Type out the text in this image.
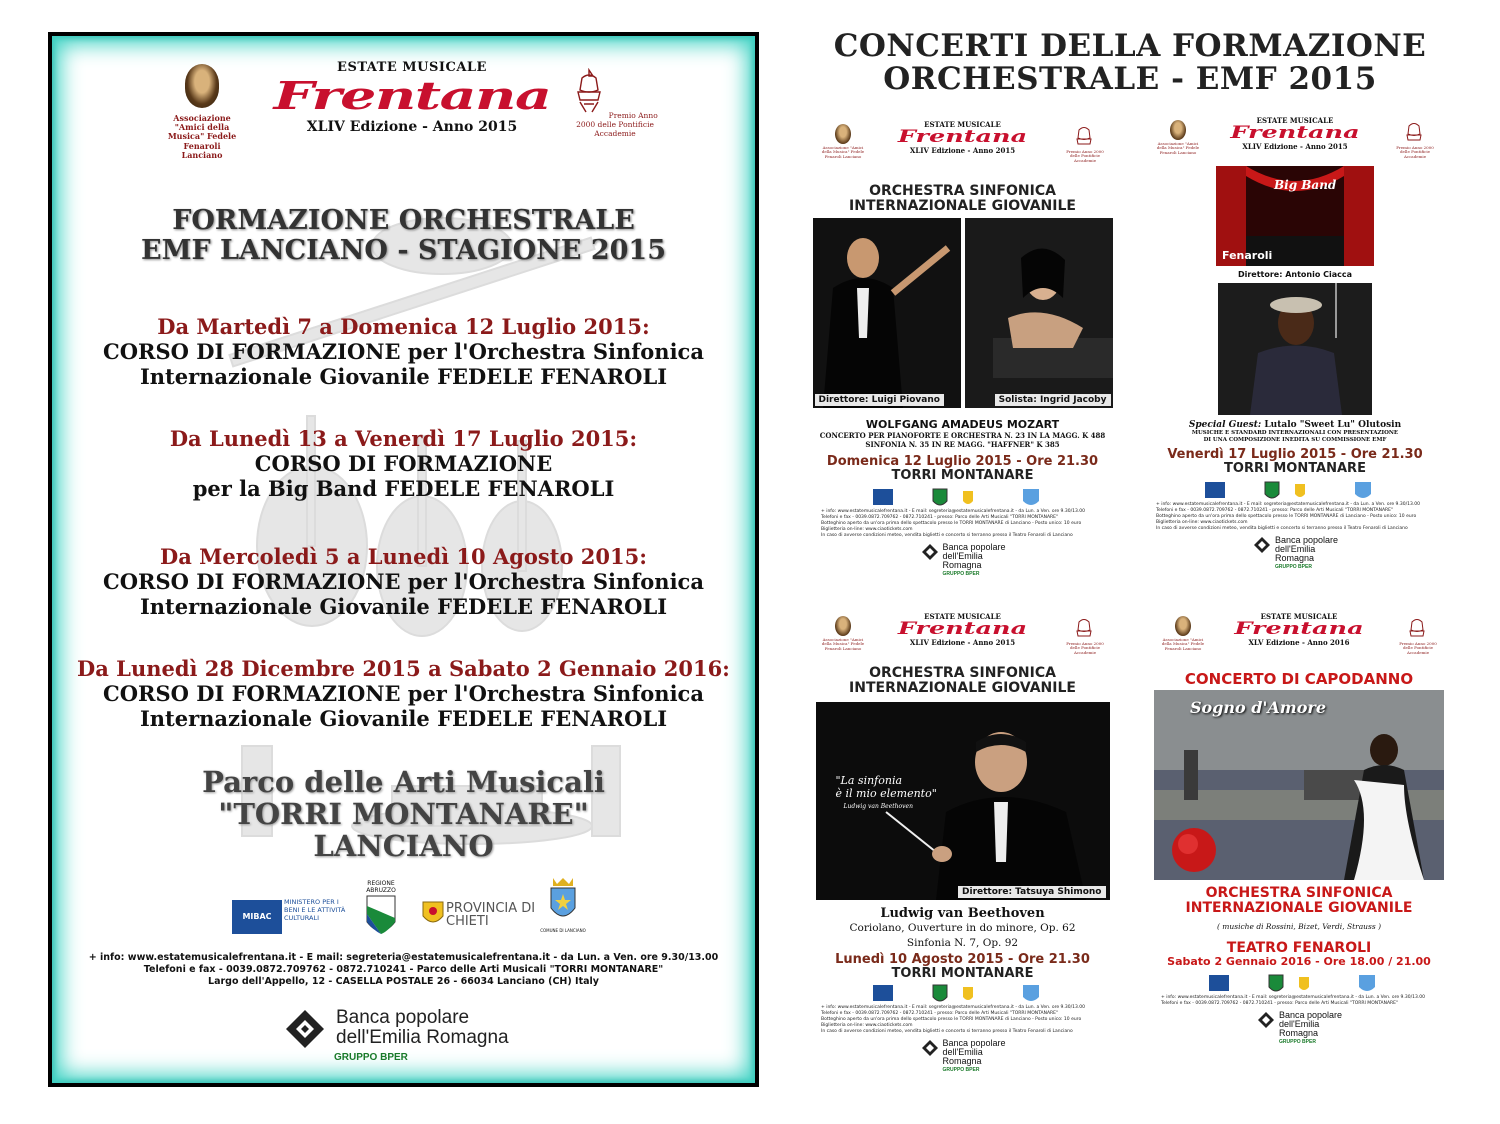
Associazione "Amici della Musica" Fedele Fenaroli Lanciano
ESTATE MUSICALE
Frentana
XLIV Edizione - Anno 2015
Premio Anno 2000 delle Pontificie Accademie
FORMAZIONE ORCHESTRALE
EMF LANCIANO - STAGIONE 2015
Da Martedì 7 a Domenica 12 Luglio 2015:
CORSO DI FORMAZIONE per l'Orchestra Sinfonica
Internazionale Giovanile FEDELE FENAROLI
Da Lunedì 13 a Venerdì 17 Luglio 2015:
CORSO DI FORMAZIONE
per la Big Band FEDELE FENAROLI
Da Mercoledì 5 a Lunedì 10 Agosto 2015:
CORSO DI FORMAZIONE per l'Orchestra Sinfonica
Internazionale Giovanile FEDELE FENAROLI
Da Lunedì 28 Dicembre 2015 a Sabato 2 Gennaio 2016:
CORSO DI FORMAZIONE per l'Orchestra Sinfonica
Internazionale Giovanile FEDELE FENAROLI
Parco delle Arti Musicali
"TORRI MONTANARE"
LANCIANO
MIBAC
MINISTERO PER I BENI E LE ATTIVITÀ CULTURALI
REGIONE ABRUZZO
PROVINCIA DI CHIETI
COMUNE DI LANCIANO
+ info: www.estatemusicalefrentana.it - E mail: segreteria@estatemusicalefrentana.it - da Lun. a Ven. ore 9.30/13.00
Telefoni e fax - 0039.0872.709762 - 0872.710241 - Parco delle Arti Musicali "TORRI MONTANARE"
Largo dell'Appello, 12 - CASELLA POSTALE 26 - 66034 Lanciano (CH) Italy
Banca popolare
dell'Emilia Romagna
GRUPPO BPER
CONCERTI DELLA FORMAZIONE
ORCHESTRALE - EMF 2015
Associazione "Amici della Musica" Fedele Fenaroli Lanciano
ESTATE MUSICALE
Frentana
XLIV Edizione - Anno 2015	Premio Anno 2000 delle Pontificie Accademie
ORCHESTRA SINFONICA
INTERNAZIONALE GIOVANILE
Direttore: Luigi Piovano	Solista: Ingrid Jacoby
WOLFGANG AMADEUS MOZART
CONCERTO PER PIANOFORTE E ORCHESTRA N. 23 IN LA MAGG. K 488
SINFONIA N. 35 IN RE MAGG. "HAFFNER" K 385
Domenica 12 Luglio 2015 - Ore 21.30
TORRI MONTANARE
+ info: www.estatemusicalefrentana.it - E mail: segreteria@estatemusicalefrentana.it - da Lun. a Ven. ore 9.30/13.00
Telefoni e fax - 0039.0872.709762 - 0872.710241 - presso: Parco delle Arti Musicali "TORRI MONTANARE"
Botteghino aperto da un'ora prima dello spettacolo presso le TORRI MONTANARE di Lanciano - Posto unico: 10 euro
Biglietteria on-line: www.ciaotickets.com
In caso di avverse condizioni meteo, vendita biglietti e concerto si terranno presso il Teatro Fenaroli di Lanciano
Banca popolare
dell'Emilia Romagna
GRUPPO BPER
Associazione "Amici della Musica" Fedele Fenaroli Lanciano
ESTATE MUSICALE
Frentana
XLIV Edizione - Anno 2015	Premio Anno 2000 delle Pontificie Accademie
Big Band
Fenaroli
Direttore: Antonio Ciacca
Special Guest: Lutalo "Sweet Lu" Olutosin
MUSICHE E STANDARD INTERNAZIONALI CON PRESENTAZIONE
DI UNA COMPOSIZIONE INEDITA SU COMMISSIONE EMF
Venerdì 17 Luglio 2015 - Ore 21.30
TORRI MONTANARE
+ info: www.estatemusicalefrentana.it - E mail: segreteria@estatemusicalefrentana.it - da Lun. a Ven. ore 9.30/13.00
Telefoni e fax - 0039.0872.709762 - 0872.710241 - presso: Parco delle Arti Musicali "TORRI MONTANARE"
Botteghino aperto da un'ora prima dello spettacolo presso le TORRI MONTANARE di Lanciano - Posto unico: 10 euro
Biglietteria on-line: www.ciaotickets.com
In caso di avverse condizioni meteo, vendita biglietti e concerto si terranno presso il Teatro Fenaroli di Lanciano
Banca popolare
dell'Emilia Romagna
GRUPPO BPER
Associazione "Amici della Musica" Fedele Fenaroli Lanciano
ESTATE MUSICALE
Frentana
XLIV Edizione - Anno 2015	Premio Anno 2000 delle Pontificie Accademie
ORCHESTRA SINFONICA
INTERNAZIONALE GIOVANILE
"La sinfonia
è il mio elemento"
Ludwig van Beethoven
Direttore: Tatsuya Shimono
Ludwig van Beethoven
Coriolano, Ouverture in do minore, Op. 62
Sinfonia N. 7, Op. 92
Lunedì 10 Agosto 2015 - Ore 21.30
TORRI MONTANARE
+ info: www.estatemusicalefrentana.it - E mail: segreteria@estatemusicalefrentana.it - da Lun. a Ven. ore 9.30/13.00
Telefoni e fax - 0039.0872.709762 - 0872.710241 - presso: Parco delle Arti Musicali "TORRI MONTANARE"
Botteghino aperto da un'ora prima dello spettacolo presso le TORRI MONTANARE di Lanciano - Posto unico: 10 euro
Biglietteria on-line: www.ciaotickets.com
In caso di avverse condizioni meteo, vendita biglietti e concerto si terranno presso il Teatro Fenaroli di Lanciano
Banca popolare
dell'Emilia Romagna
GRUPPO BPER
Associazione "Amici della Musica" Fedele Fenaroli Lanciano
ESTATE MUSICALE
Frentana
XLV Edizione - Anno 2016	Premio Anno 2000 delle Pontificie Accademie
CONCERTO DI CAPODANNO
Sogno d'Amore
ORCHESTRA SINFONICA
INTERNAZIONALE GIOVANILE
( musiche di Rossini, Bizet, Verdi, Strauss )
TEATRO FENAROLI
Sabato 2 Gennaio 2016 - Ore 18.00 / 21.00
+ info: www.estatemusicalefrentana.it - E mail: segreteria@estatemusicalefrentana.it - da Lun. a Ven. ore 9.30/13.00
Telefoni e fax - 0039.0872.709762 - 0872.710241 - presso: Parco delle Arti Musicali "TORRI MONTANARE"
Banca popolare
dell'Emilia Romagna
GRUPPO BPER
